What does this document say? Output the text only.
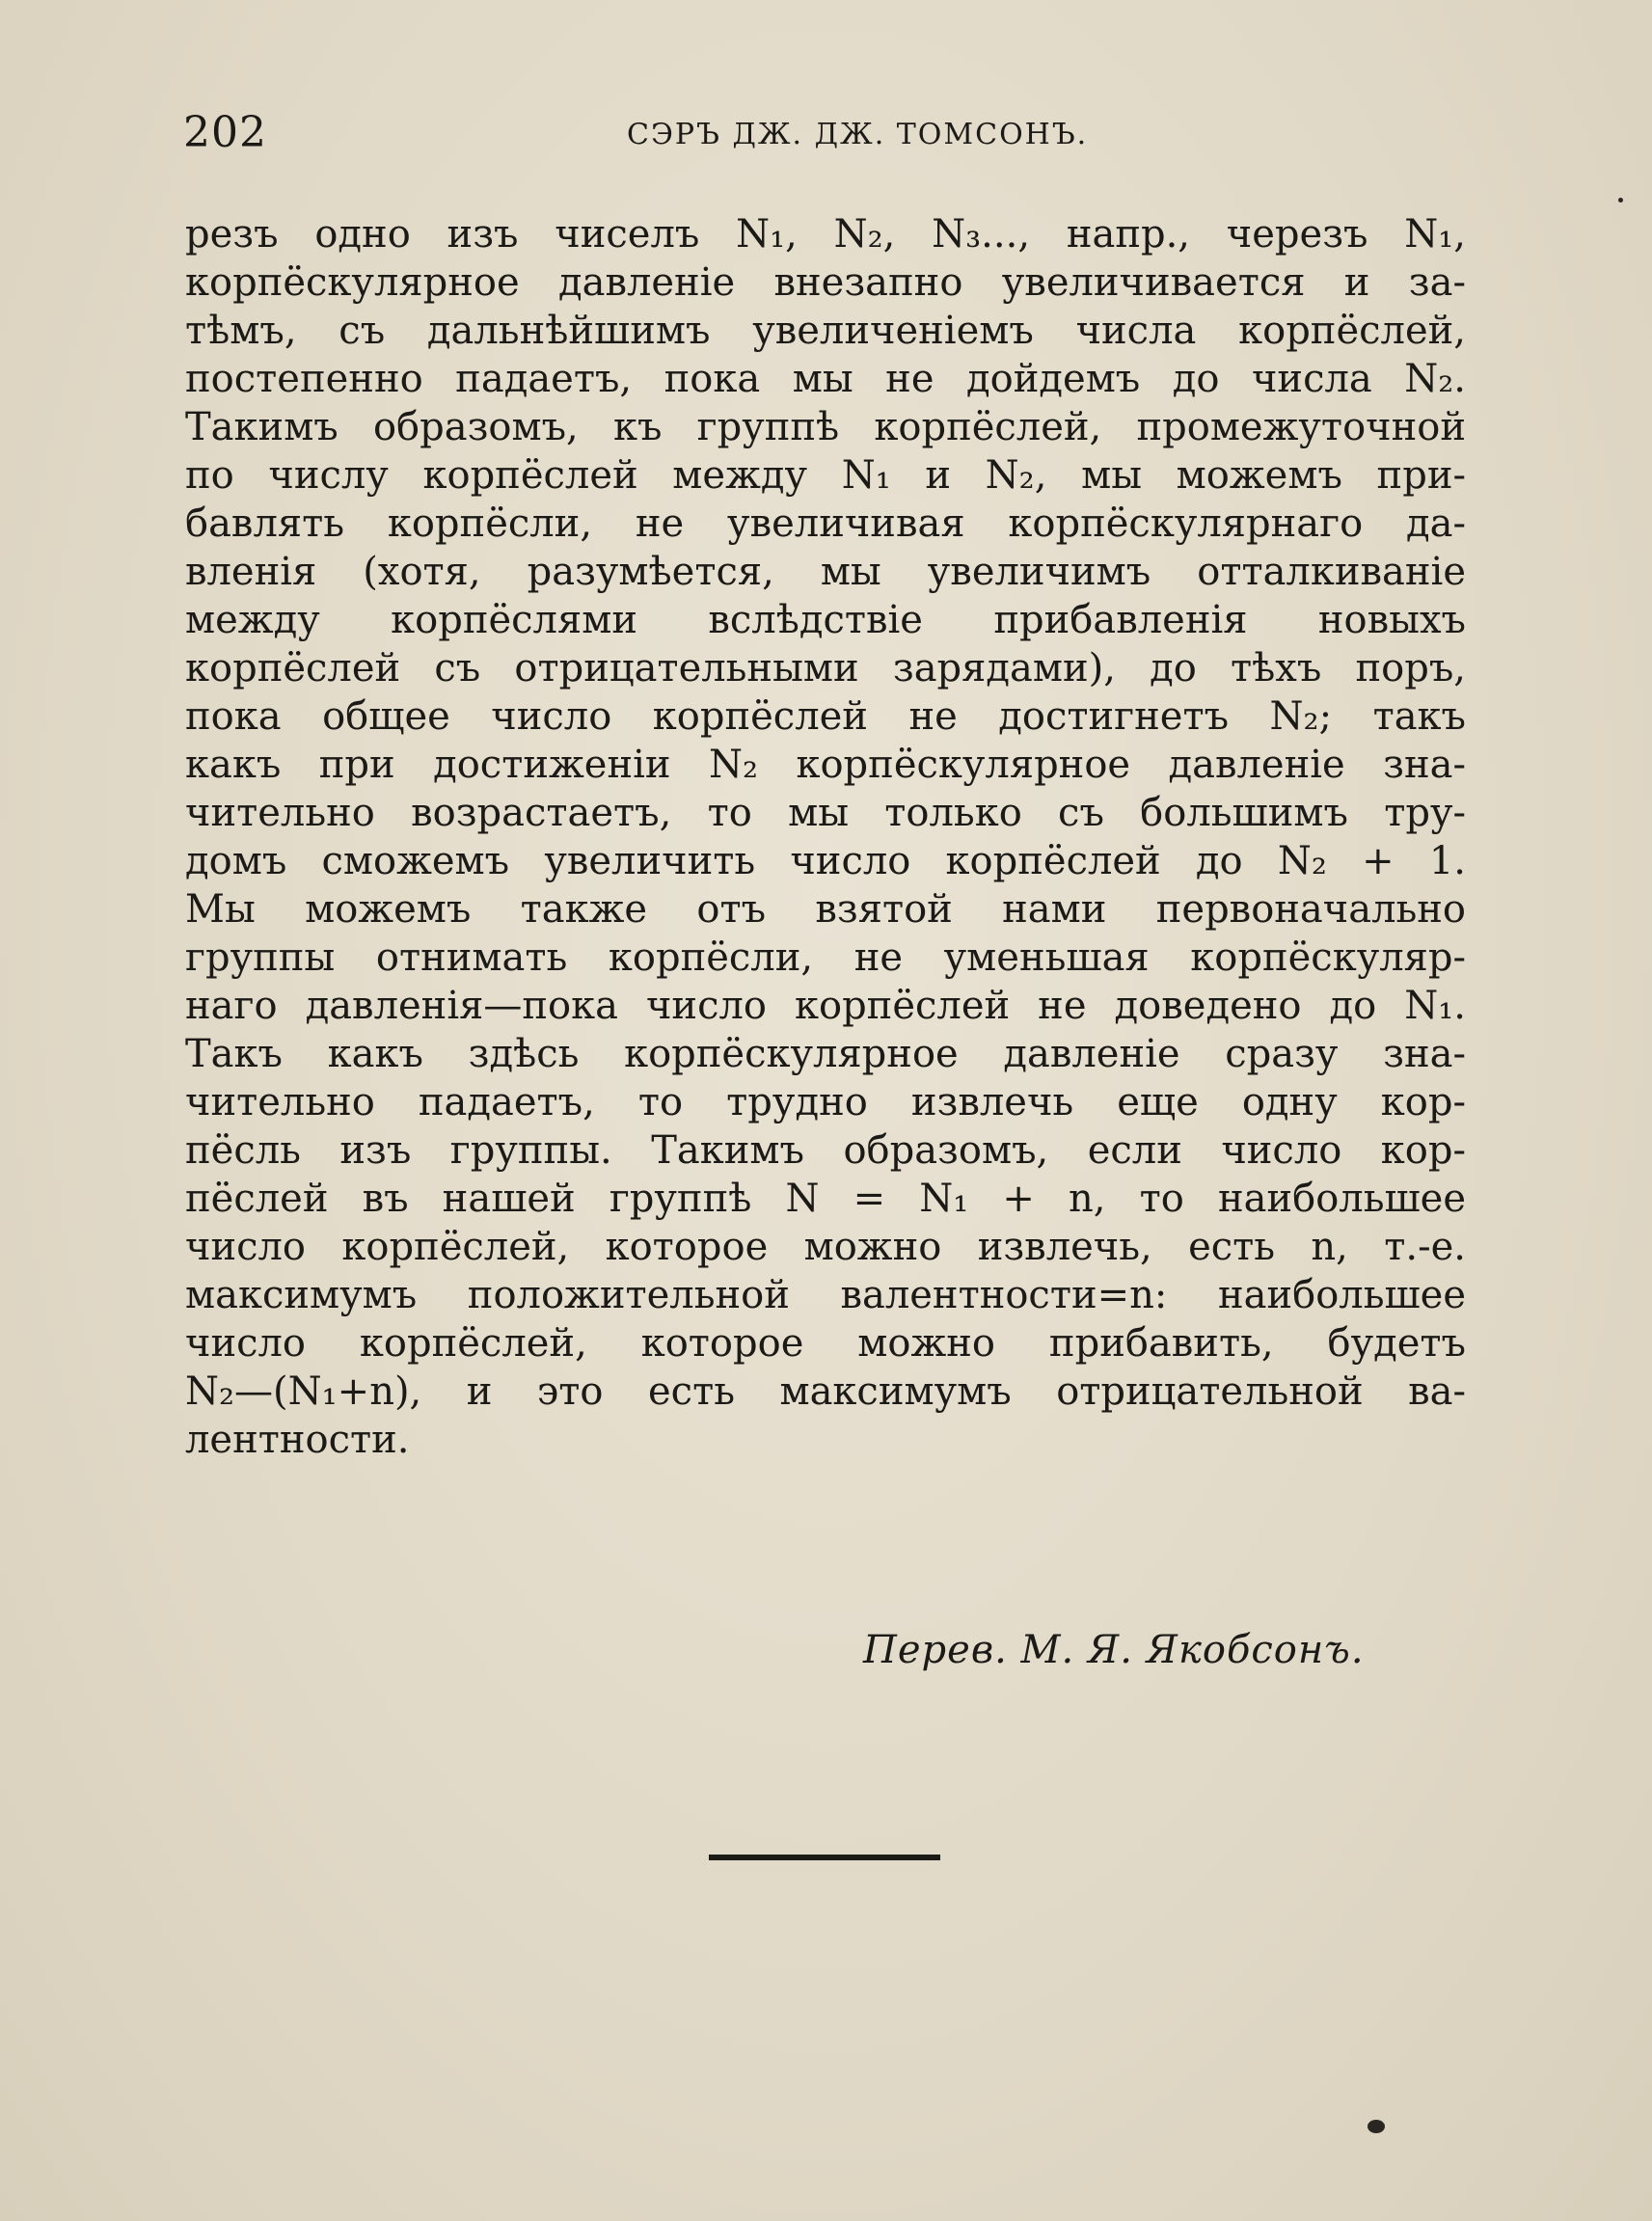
202	СЭРЪ ДЖ. ДЖ. ТОМСОНЪ.
резъ одно изъ чиселъ N₁, N₂, N₃..., напр., черезъ N₁,
корпёскулярное давленіе внезапно увеличивается и за-
тѣмъ, съ дальнѣйшимъ увеличеніемъ числа корпёслей,
постепенно падаетъ, пока мы не дойдемъ до числа N₂.
Такимъ образомъ, къ группѣ корпёслей, промежуточной
по числу корпёслей между N₁ и N₂, мы можемъ при-
бавлять корпёсли, не увеличивая корпёскулярнаго да-
вленія (хотя, разумѣется, мы увеличимъ отталкиваніе
между корпёслями вслѣдствіе прибавленія новыхъ
корпёслей съ отрицательными зарядами), до тѣхъ поръ,
пока общее число корпёслей не достигнетъ N₂; такъ
какъ при достиженіи N₂ корпёскулярное давленіе зна-
чительно возрастаетъ, то мы только съ большимъ тру-
домъ сможемъ увеличить число корпёслей до N₂ + 1.
Мы можемъ также отъ взятой нами первоначально
группы отнимать корпёсли, не уменьшая корпёскуляр-
наго давленія—пока число корпёслей не доведено до N₁.
Такъ какъ здѣсь корпёскулярное давленіе сразу зна-
чительно падаетъ, то трудно извлечь еще одну кор-
пёсль изъ группы. Такимъ образомъ, если число кор-
пёслей въ нашей группѣ N = N₁ + n, то наибольшее
число корпёслей, которое можно извлечь, есть n, т.-е.
максимумъ положительной валентности=n: наибольшее
число корпёслей, которое можно прибавить, будетъ
N₂—(N₁+n), и это есть максимумъ отрицательной ва-
лентности.
Перев. М. Я. Якобсонъ.
